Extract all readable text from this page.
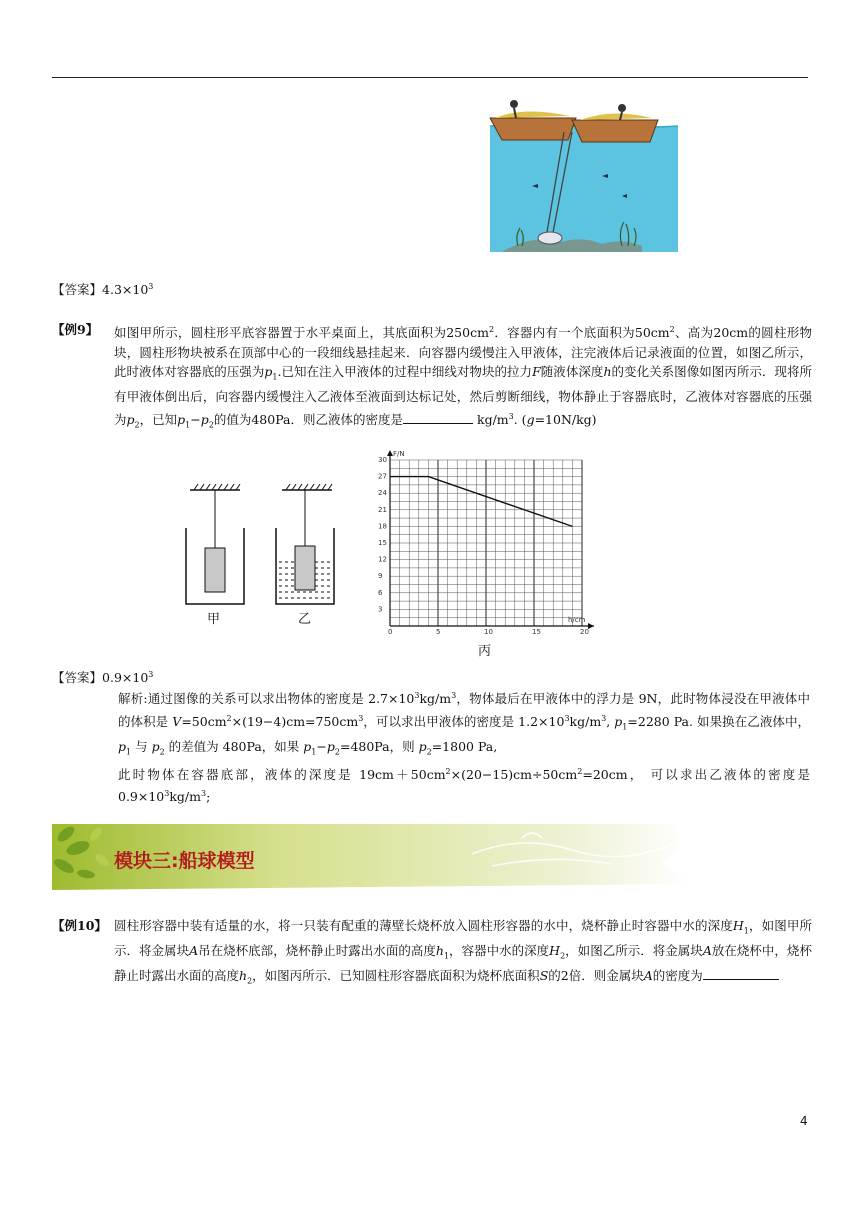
【答案】$4.3\times 10^3$
【例9】 如图甲所示，圆柱形平底容器置于水平桌面上，其底面积为$250cm^2$．容器内有一个底面积为$50cm^2$、高为20cm的圆柱形物块，圆柱形物块被系在顶部中心的一段细线悬挂起来．向容器内缓慢注入甲液体，注完液体后记录液面的位置，如图乙所示，此时液体对容器底的压强为$p_1$.已知在注入甲液体的过程中细线对物块的拉力F随液体深度h的变化关系图像如图丙所示．现将所有甲液体倒出后，向容器内缓慢注入乙液体至液面到达标记处，然后剪断细线，物体静止于容器底时，乙液体对容器底的压强为$p_2$，已知$p_1-p_2$的值为480Pa．则乙液体的密度是	$kg/m^3$. (g=10N/kg)
甲	乙
0	5	10	15	20
3
6
9
12
15
18
21
24
27
30
F/N
h/cm
丙
【答案】$0.9\times 10^3$

解析:通过图像的关系可以求出物体的密度是 $2.7\times 10^3kg/m^3$，物体最后在甲液体中的浮力是 9N，此时物体浸没在甲液体中的体积是 $V=50cm^2\times(19-4)cm=750cm^3$，可以求出甲液体的密度是 $1.2\times 10^3kg/m^3$, $p_1=2280$ Pa. 如果换在乙液体中，$p_1$ 与 $p_2$ 的差值为 480Pa，如果 $p_1-p_2=480Pa$，则 $p_2=1800$ Pa,

此时物体在容器底部，液体的深度是 $19cm+50cm^2\times(20-15)cm\div 50cm^2=20cm$， 可以求出乙液体的密度是 $0.9\times 10^3kg/m^3$;

模块三:船球模型
【例10】 圆柱形容器中装有适量的水，将一只装有配重的薄壁长烧杯放入圆柱形容器的水中，烧杯静止时容器中水的深度$H_1$，如图甲所示．将金属块A吊在烧杯底部，烧杯静止时露出水面的高度$h_1$，容器中水的深度$H_2$，如图乙所示．将金属块A放在烧杯中，烧杯静止时露出水面的高度$h_2$，如图丙所示．已知圆柱形容器底面积为烧杯底面积S的2倍．则金属块A的密度为
4
